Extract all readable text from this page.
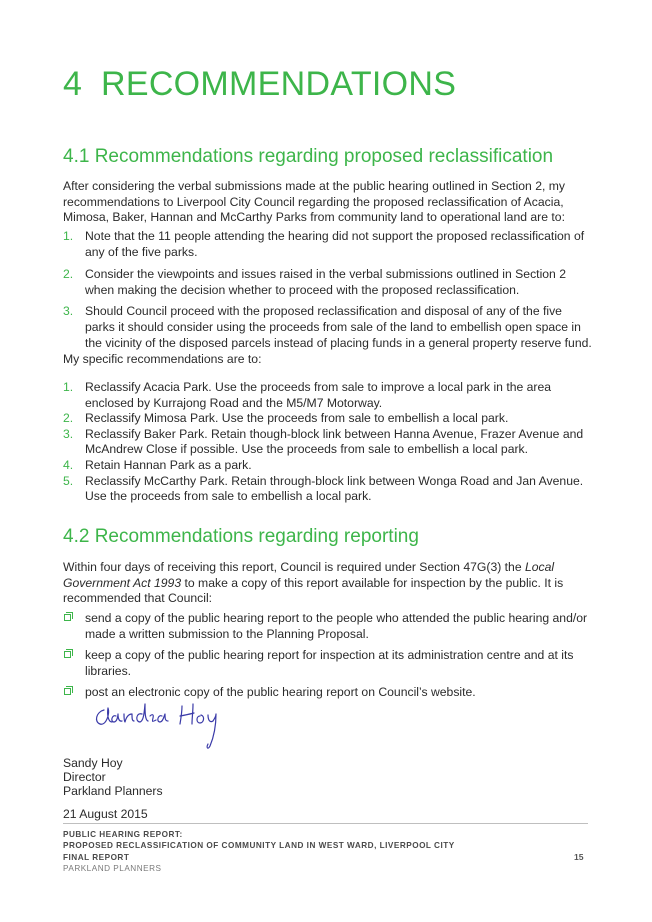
4 RECOMMENDATIONS
4.1 Recommendations regarding proposed reclassification

After considering the verbal submissions made at the public hearing outlined in Section 2, my recommendations to Liverpool City Council regarding the proposed reclassification of Acacia, Mimosa, Baker, Hannan and McCarthy Parks from community land to operational land are to:

1. Note that the 11 people attending the hearing did not support the proposed reclassification of any of the five parks.
2. Consider the viewpoints and issues raised in the verbal submissions outlined in Section 2 when making the decision whether to proceed with the proposed reclassification.
3. Should Council proceed with the proposed reclassification and disposal of any of the five parks it should consider using the proceeds from sale of the land to embellish open space in the vicinity of the disposed parcels instead of placing funds in a general property reserve fund.

My specific recommendations are to:

1. Reclassify Acacia Park. Use the proceeds from sale to improve a local park in the area enclosed by Kurrajong Road and the M5/M7 Motorway.
2. Reclassify Mimosa Park. Use the proceeds from sale to embellish a local park.
3. Reclassify Baker Park. Retain though-block link between Hanna Avenue, Frazer Avenue and McAndrew Close if possible. Use the proceeds from sale to embellish a local park.
4. Retain Hannan Park as a park.
5. Reclassify McCarthy Park. Retain through-block link between Wonga Road and Jan Avenue. Use the proceeds from sale to embellish a local park.
4.2 Recommendations regarding reporting

Within four days of receiving this report, Council is required under Section 47G(3) the Local Government Act 1993 to make a copy of this report available for inspection by the public. It is recommended that Council:

send a copy of the public hearing report to the people who attended the public hearing and/or made a written submission to the Planning Proposal.
keep a copy of the public hearing report for inspection at its administration centre and at its libraries.
post an electronic copy of the public hearing report on Council’s website.
Sandy Hoy
Director
Parkland Planners
21 August 2015
PUBLIC HEARING REPORT:
PROPOSED RECLASSIFICATION OF COMMUNITY LAND IN WEST WARD, LIVERPOOL CITY
FINAL REPORT
PARKLAND PLANNERS
15
